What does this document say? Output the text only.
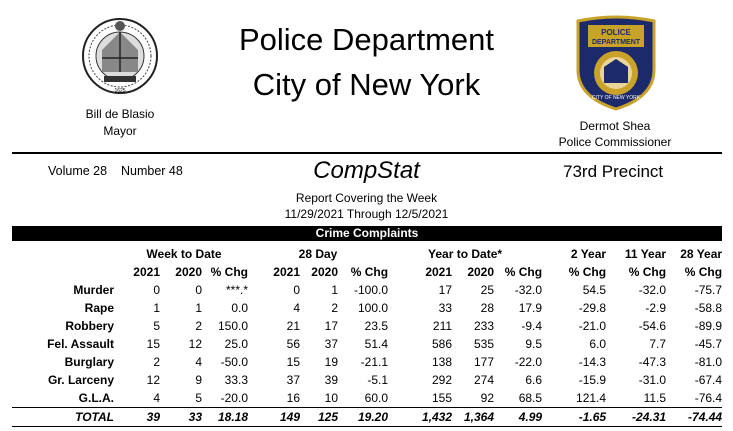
Police Department
City of New York
1625
POLICE
DEPARTMENT
CITY OF NEW YORK
Bill de Blasio
Mayor	Dermot Shea
Police Commissioner
Volume 28 Number 48	CompStat	73rd Precinct
Report Covering the Week
11/29/2021 Through 12/5/2021
Crime Complaints
	Week to Date			28 Day			Year to Date*			2 Year	11 Year	28 Year
	2021	2020	% Chg	2021	2020	% Chg	2021	2020	% Chg	% Chg	% Chg	% Chg
Murder	0	0	***.*	0	1	-100.0	17	25	-32.0	54.5	-32.0	-75.7
Rape	1	1	0.0	4	2	100.0	33	28	17.9	-29.8	-2.9	-58.8
Robbery	5	2	150.0	21	17	23.5	211	233	-9.4	-21.0	-54.6	-89.9
Fel. Assault	15	12	25.0	56	37	51.4	586	535	9.5	6.0	7.7	-45.7
Burglary	2	4	-50.0	15	19	-21.1	138	177	-22.0	-14.3	-47.3	-81.0
Gr. Larceny	12	9	33.3	37	39	-5.1	292	274	6.6	-15.9	-31.0	-67.4
G.L.A.	4	5	-20.0	16	10	60.0	155	92	68.5	121.4	11.5	-76.4
TOTAL	39	33	18.18	149	125	19.20	1,432	1,364	4.99	-1.65	-24.31	-74.44
